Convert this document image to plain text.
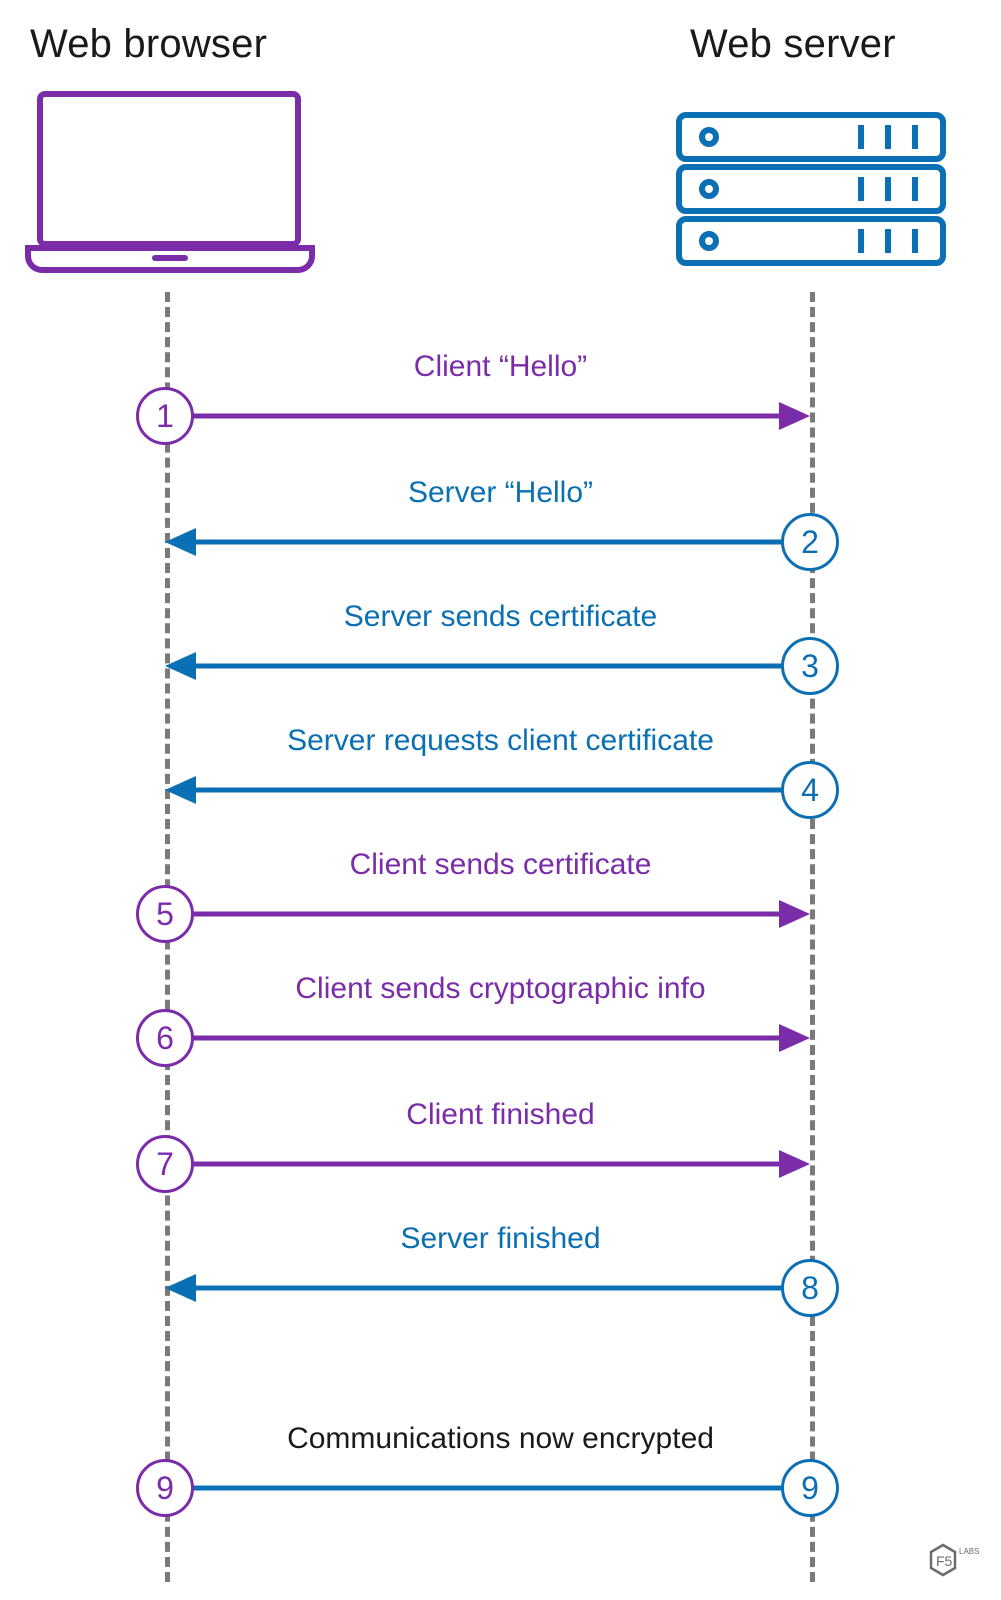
Web browser	Web server
Client “Hello”
1
Server “Hello”
2
Server sends certificate
3
Server requests client certificate
4
Client sends certificate
5
Client sends cryptographic info
6
Client finished
7
Server finished
8
Communications now encrypted
9	9
F5
LABS
